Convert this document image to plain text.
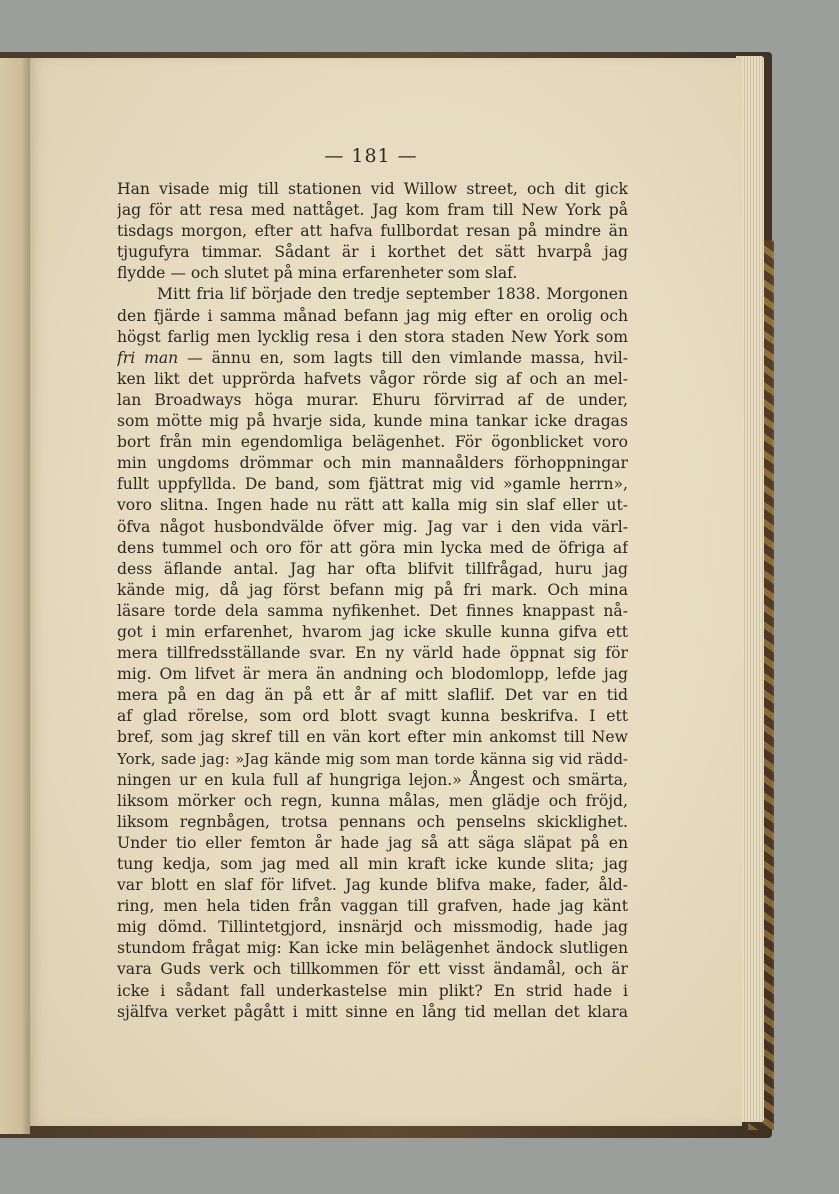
— 181 —
Han visade mig till stationen vid Willow street, och dit gick
jag för att resa med nattåget. Jag kom fram till New York på
tisdags morgon, efter att hafva fullbordat resan på mindre än
tjugufyra timmar. Sådant är i korthet det sätt hvarpå jag
flydde — och slutet på mina erfarenheter som slaf.
Mitt fria lif började den tredje september 1838. Morgonen
den fjärde i samma månad befann jag mig efter en orolig och
högst farlig men lycklig resa i den stora staden New York som
fri man — ännu en, som lagts till den vimlande massa, hvil-
ken likt det upprörda hafvets vågor rörde sig af och an mel-
lan Broadways höga murar. Ehuru förvirrad af de under,
som mötte mig på hvarje sida, kunde mina tankar icke dragas
bort från min egendomliga belägenhet. För ögonblicket voro
min ungdoms drömmar och min mannaålders förhoppningar
fullt uppfyllda. De band, som fjättrat mig vid »gamle herrn»,
voro slitna. Ingen hade nu rätt att kalla mig sin slaf eller ut-
öfva något husbondvälde öfver mig. Jag var i den vida värl-
dens tummel och oro för att göra min lycka med de öfriga af
dess äflande antal. Jag har ofta blifvit tillfrågad, huru jag
kände mig, då jag först befann mig på fri mark. Och mina
läsare torde dela samma nyfikenhet. Det finnes knappast nå-
got i min erfarenhet, hvarom jag icke skulle kunna gifva ett
mera tillfredsställande svar. En ny värld hade öppnat sig för
mig. Om lifvet är mera än andning och blodomlopp, lefde jag
mera på en dag än på ett år af mitt slaflif. Det var en tid
af glad rörelse, som ord blott svagt kunna beskrifva. I ett
bref, som jag skref till en vän kort efter min ankomst till New
York, sade jag: »Jag kände mig som man torde känna sig vid rädd-
ningen ur en kula full af hungriga lejon.» Ångest och smärta,
liksom mörker och regn, kunna målas, men glädje och fröjd,
liksom regnbågen, trotsa pennans och penselns skicklighet.
Under tio eller femton år hade jag så att säga släpat på en
tung kedja, som jag med all min kraft icke kunde slita; jag
var blott en slaf för lifvet. Jag kunde blifva make, fader, åld-
ring, men hela tiden från vaggan till grafven, hade jag känt
mig dömd. Tillintetgjord, insnärjd och missmodig, hade jag
stundom frågat mig: Kan icke min belägenhet ändock slutligen
vara Guds verk och tillkommen för ett visst ändamål, och är
icke i sådant fall underkastelse min plikt? En strid hade i
själfva verket pågått i mitt sinne en lång tid mellan det klara
